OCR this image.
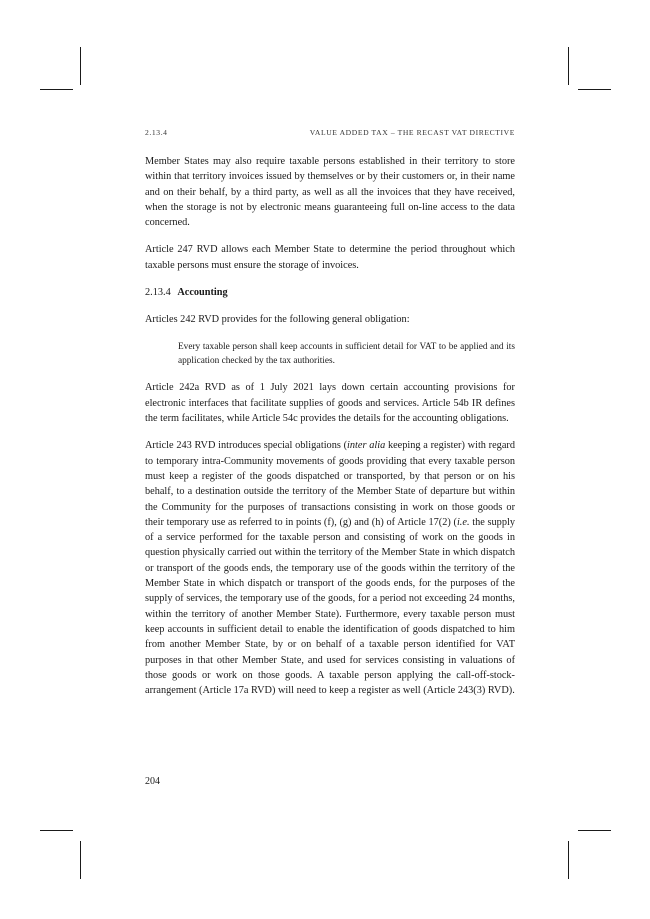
2.13.4	VALUE ADDED TAX – THE RECAST VAT DIRECTIVE

Member States may also require taxable persons established in their territory to store within that territory invoices issued by themselves or by their customers or, in their name and on their behalf, by a third party, as well as all the invoices that they have received, when the storage is not by electronic means guaranteeing full on-line access to the data concerned.

Article 247 RVD allows each Member State to determine the period throughout which taxable persons must ensure the storage of invoices.

2.13.4 Accounting

Articles 242 RVD provides for the following general obligation:

Every taxable person shall keep accounts in sufficient detail for VAT to be applied and its application checked by the tax authorities.

Article 242a RVD as of 1 July 2021 lays down certain accounting provisions for electronic interfaces that facilitate supplies of goods and services. Article 54b IR defines the term facilitates, while Article 54c provides the details for the accounting obligations.

Article 243 RVD introduces special obligations (inter alia keeping a register) with regard to temporary intra-Community movements of goods providing that every taxable person must keep a register of the goods dispatched or transported, by that person or on his behalf, to a destination outside the territory of the Member State of departure but within the Community for the purposes of transactions consisting in work on those goods or their temporary use as referred to in points (f), (g) and (h) of Article 17(2) (i.e. the supply of a service performed for the taxable person and consisting of work on the goods in question physically carried out within the territory of the Member State in which dispatch or transport of the goods ends, the temporary use of the goods within the territory of the Member State in which dispatch or transport of the goods ends, for the purposes of the supply of services, the temporary use of the goods, for a period not exceeding 24 months, within the territory of another Member State). Furthermore, every taxable person must keep accounts in sufficient detail to enable the identification of goods dispatched to him from another Member State, by or on behalf of a taxable person identified for VAT purposes in that other Member State, and used for services consisting in valuations of those goods or work on those goods. A taxable person applying the call-off-stock-arrangement (Article 17a RVD) will need to keep a register as well (Article 243(3) RVD).

204
